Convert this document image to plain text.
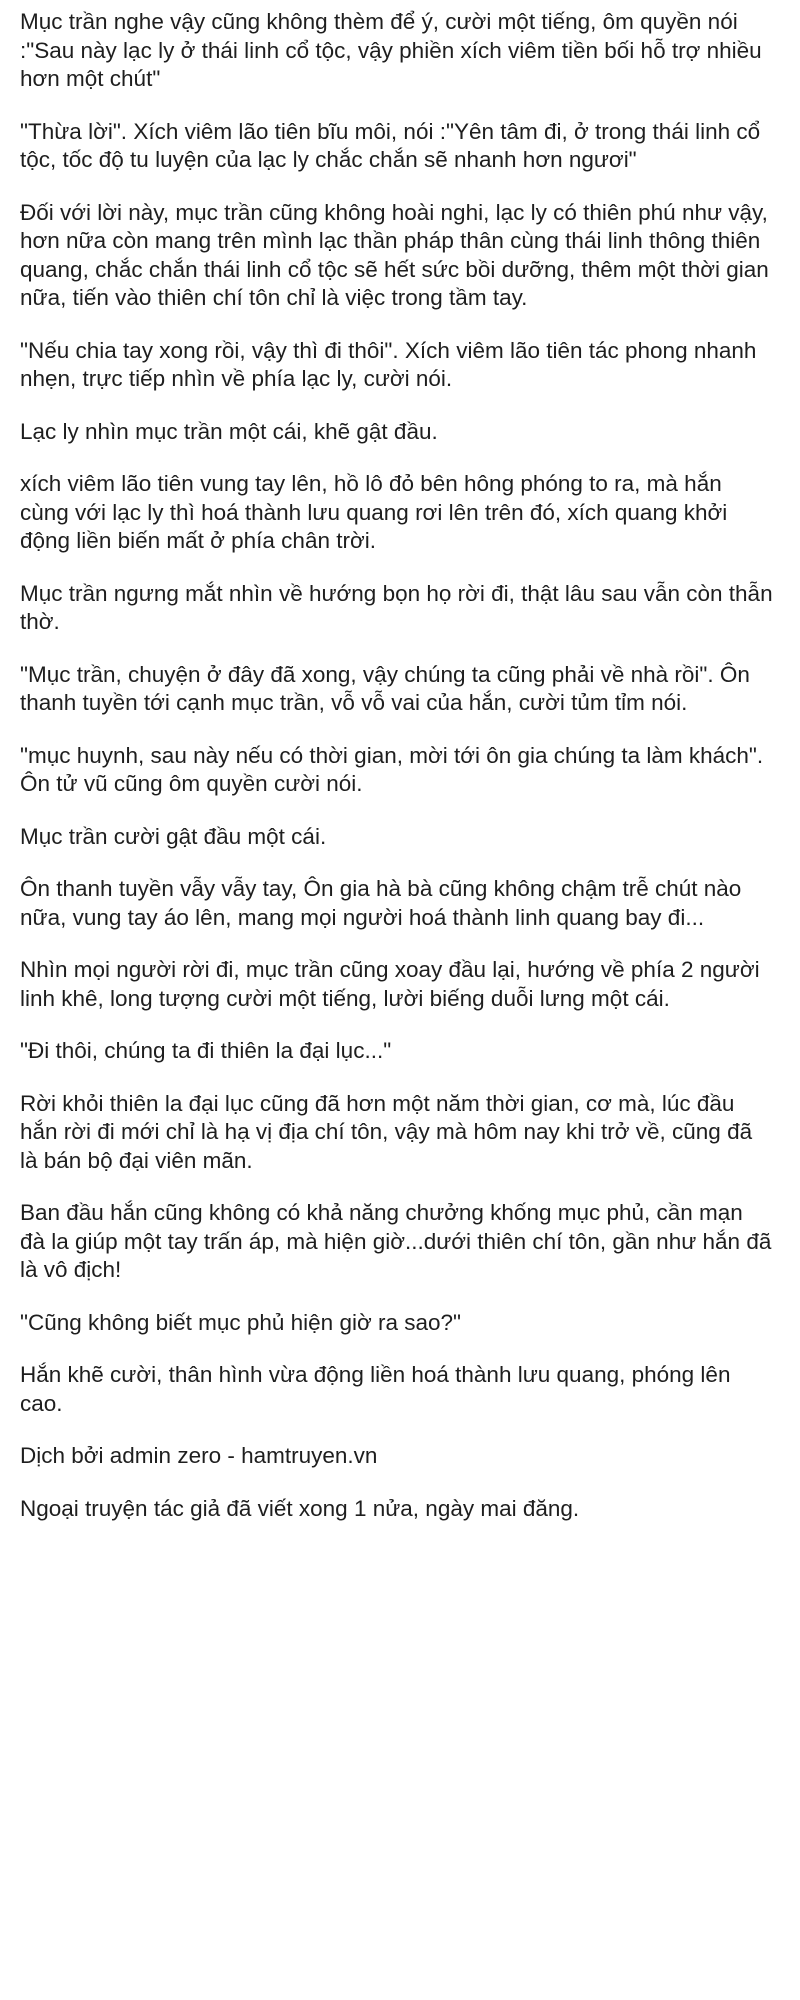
Mục trần nghe vậy cũng không thèm để ý, cười một tiếng, ôm quyền nói :"Sau này lạc ly ở thái linh cổ tộc, vậy phiền xích viêm tiền bối hỗ trợ nhiều hơn một chút"

"Thừa lời". Xích viêm lão tiên bĩu môi, nói :"Yên tâm đi, ở trong thái linh cổ tộc, tốc độ tu luyện của lạc ly chắc chắn sẽ nhanh hơn ngươi"

Đối với lời này, mục trần cũng không hoài nghi, lạc ly có thiên phú như vậy, hơn nữa còn mang trên mình lạc thần pháp thân cùng thái linh thông thiên quang, chắc chắn thái linh cổ tộc sẽ hết sức bồi dưỡng, thêm một thời gian nữa, tiến vào thiên chí tôn chỉ là việc trong tầm tay.

"Nếu chia tay xong rồi, vậy thì đi thôi". Xích viêm lão tiên tác phong nhanh nhẹn, trực tiếp nhìn về phía lạc ly, cười nói.

Lạc ly nhìn mục trần một cái, khẽ gật đầu.

xích viêm lão tiên vung tay lên, hồ lô đỏ bên hông phóng to ra, mà hắn cùng với lạc ly thì hoá thành lưu quang rơi lên trên đó, xích quang khởi động liền biến mất ở phía chân trời.

Mục trần ngưng mắt nhìn về hướng bọn họ rời đi, thật lâu sau vẫn còn thẫn thờ.

"Mục trần, chuyện ở đây đã xong, vậy chúng ta cũng phải về nhà rồi". Ôn thanh tuyền tới cạnh mục trần, vỗ vỗ vai của hắn, cười tủm tỉm nói.

"mục huynh, sau này nếu có thời gian, mời tới ôn gia chúng ta làm khách". Ôn tử vũ cũng ôm quyền cười nói.

Mục trần cười gật đầu một cái.

Ôn thanh tuyền vẫy vẫy tay, Ôn gia hà bà cũng không chậm trễ chút nào nữa, vung tay áo lên, mang mọi người hoá thành linh quang bay đi...

Nhìn mọi người rời đi, mục trần cũng xoay đầu lại, hướng về phía 2 người linh khê, long tượng cười một tiếng, lười biếng duỗi lưng một cái.

"Đi thôi, chúng ta đi thiên la đại lục..."

Rời khỏi thiên la đại lục cũng đã hơn một năm thời gian, cơ mà, lúc đầu hắn rời đi mới chỉ là hạ vị địa chí tôn, vậy mà hôm nay khi trở về, cũng đã là bán bộ đại viên mãn.

Ban đầu hắn cũng không có khả năng chưởng khống mục phủ, cần mạn đà la giúp một tay trấn áp, mà hiện giờ...dưới thiên chí tôn, gần như hắn đã là vô địch!

"Cũng không biết mục phủ hiện giờ ra sao?"

Hắn khẽ cười, thân hình vừa động liền hoá thành lưu quang, phóng lên cao.

Dịch bởi admin zero - hamtruyen.vn

Ngoại truyện tác giả đã viết xong 1 nửa, ngày mai đăng.
